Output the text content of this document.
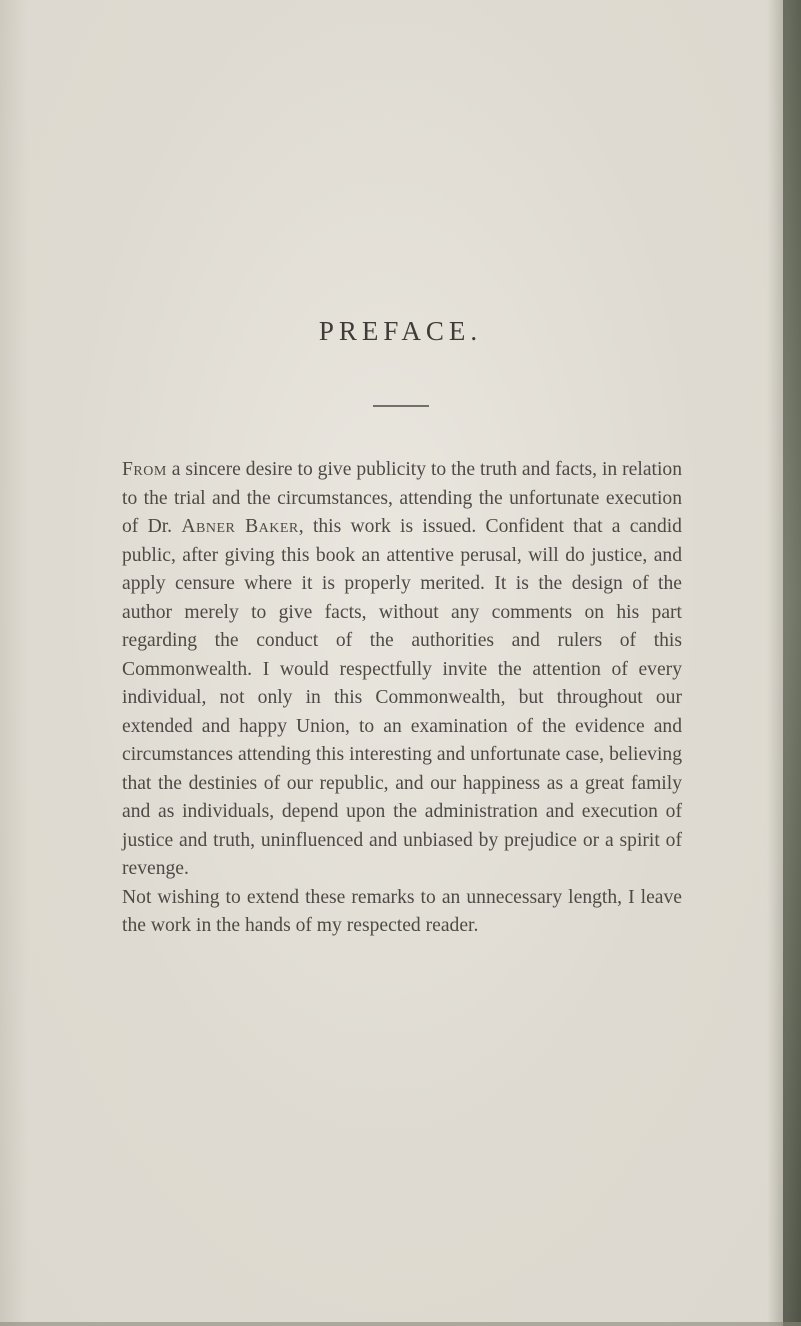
PREFACE.

From a sincere desire to give publicity to the truth and facts, in relation to the trial and the circumstances, attending the unfortunate execution of Dr. Abner Baker, this work is issued. Confident that a candid public, after giving this book an attentive perusal, will do justice, and apply censure where it is properly merited. It is the design of the author merely to give facts, without any comments on his part regarding the conduct of the authorities and rulers of this Commonwealth. I would respectfully invite the attention of every individual, not only in this Commonwealth, but throughout our extended and happy Union, to an examination of the evidence and circumstances attending this interesting and unfortunate case, believing that the destinies of our republic, and our happiness as a great family and as individuals, depend upon the administration and execution of justice and truth, uninfluenced and unbiased by prejudice or a spirit of revenge.

Not wishing to extend these remarks to an unnecessary length, I leave the work in the hands of my respected reader.
